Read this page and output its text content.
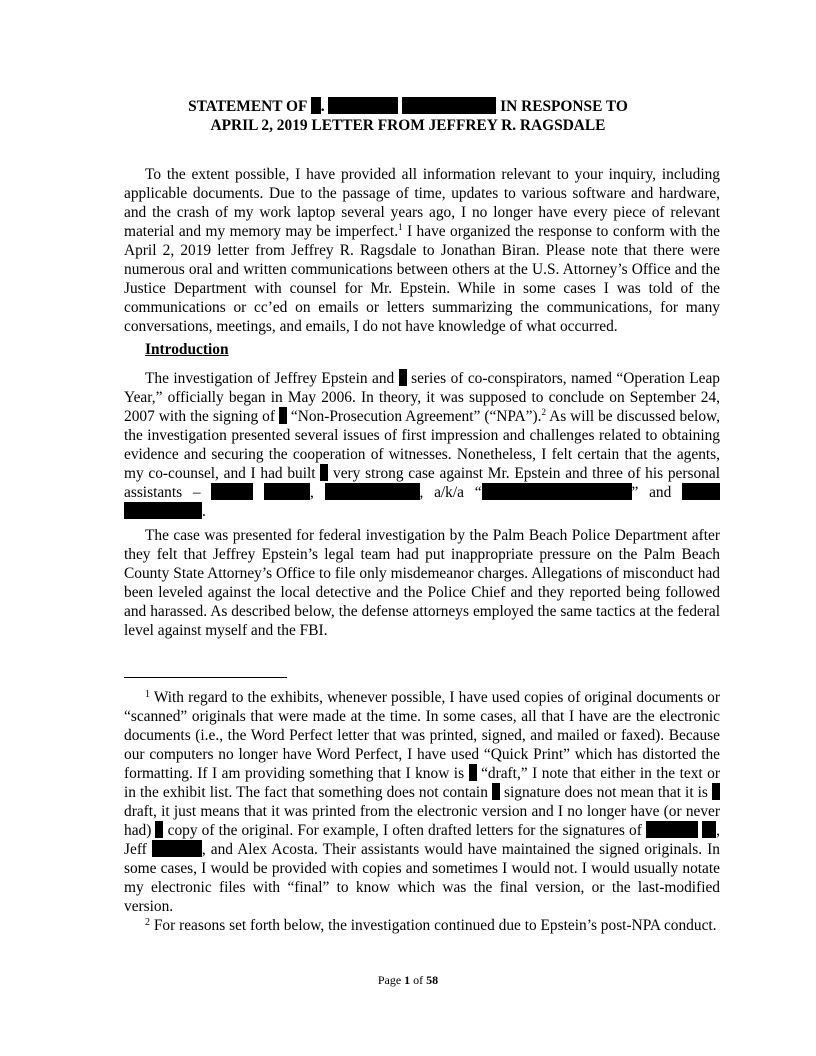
STATEMENT OF .	IN RESPONSE TO
APRIL 2, 2019 LETTER FROM JEFFREY R. RAGSDALE
To the extent possible, I have provided all information relevant to your inquiry, including applicable documents. Due to the passage of time, updates to various software and hardware, and the crash of my work laptop several years ago, I no longer have every piece of relevant material and my memory may be imperfect.$^1$ I have organized the response to conform with the April 2, 2019 letter from Jeffrey R. Ragsdale to Jonathan Biran. Please note that there were numerous oral and written communications between others at the U.S. Attorney’s Office and the Justice Department with counsel for Mr. Epstein. While in some cases I was told of the communications or cc’ed on emails or letters summarizing the communications, for many conversations, meetings, and emails, I do not have knowledge of what occurred.
Introduction
The investigation of Jeffrey Epstein and  series of co-conspirators, named “Operation Leap Year,” officially began in May 2006. In theory, it was supposed to conclude on September 24, 2007 with the signing of  “Non-Prosecution Agreement” (“NPA”).$^2$ As will be discussed below, the investigation presented several issues of first impression and challenges related to obtaining evidence and securing the cooperation of witnesses. Nonetheless, I felt certain that the agents, my co-counsel, and I had built  very strong case against Mr. Epstein and three of his personal assistants –	,	, a/k/a “	” and  .
The case was presented for federal investigation by the Palm Beach Police Department after they felt that Jeffrey Epstein’s legal team had put inappropriate pressure on the Palm Beach County State Attorney’s Office to file only misdemeanor charges. Allegations of misconduct had been leveled against the local detective and the Police Chief and they reported being followed and harassed. As described below, the defense attorneys employed the same tactics at the federal level against myself and the FBI.
$^1$ With regard to the exhibits, whenever possible, I have used copies of original documents or “scanned” originals that were made at the time. In some cases, all that I have are the electronic documents (i.e., the Word Perfect letter that was printed, signed, and mailed or faxed). Because our computers no longer have Word Perfect, I have used “Quick Print” which has distorted the formatting. If I am providing something that I know is  “draft,” I note that either in the text or in the exhibit list. The fact that something does not contain  signature does not mean that it is  draft, it just means that it was printed from the electronic version and I no longer have (or never had)  copy of the original. For example, I often drafted letters for the signatures of	, Jeff	, and Alex Acosta. Their assistants would have maintained the signed originals. In some cases, I would be provided with copies and sometimes I would not. I would usually notate my electronic files with “final” to know which was the final version, or the last-modified version.
$^2$ For reasons set forth below, the investigation continued due to Epstein’s post-NPA conduct.
Page 1 of 58
